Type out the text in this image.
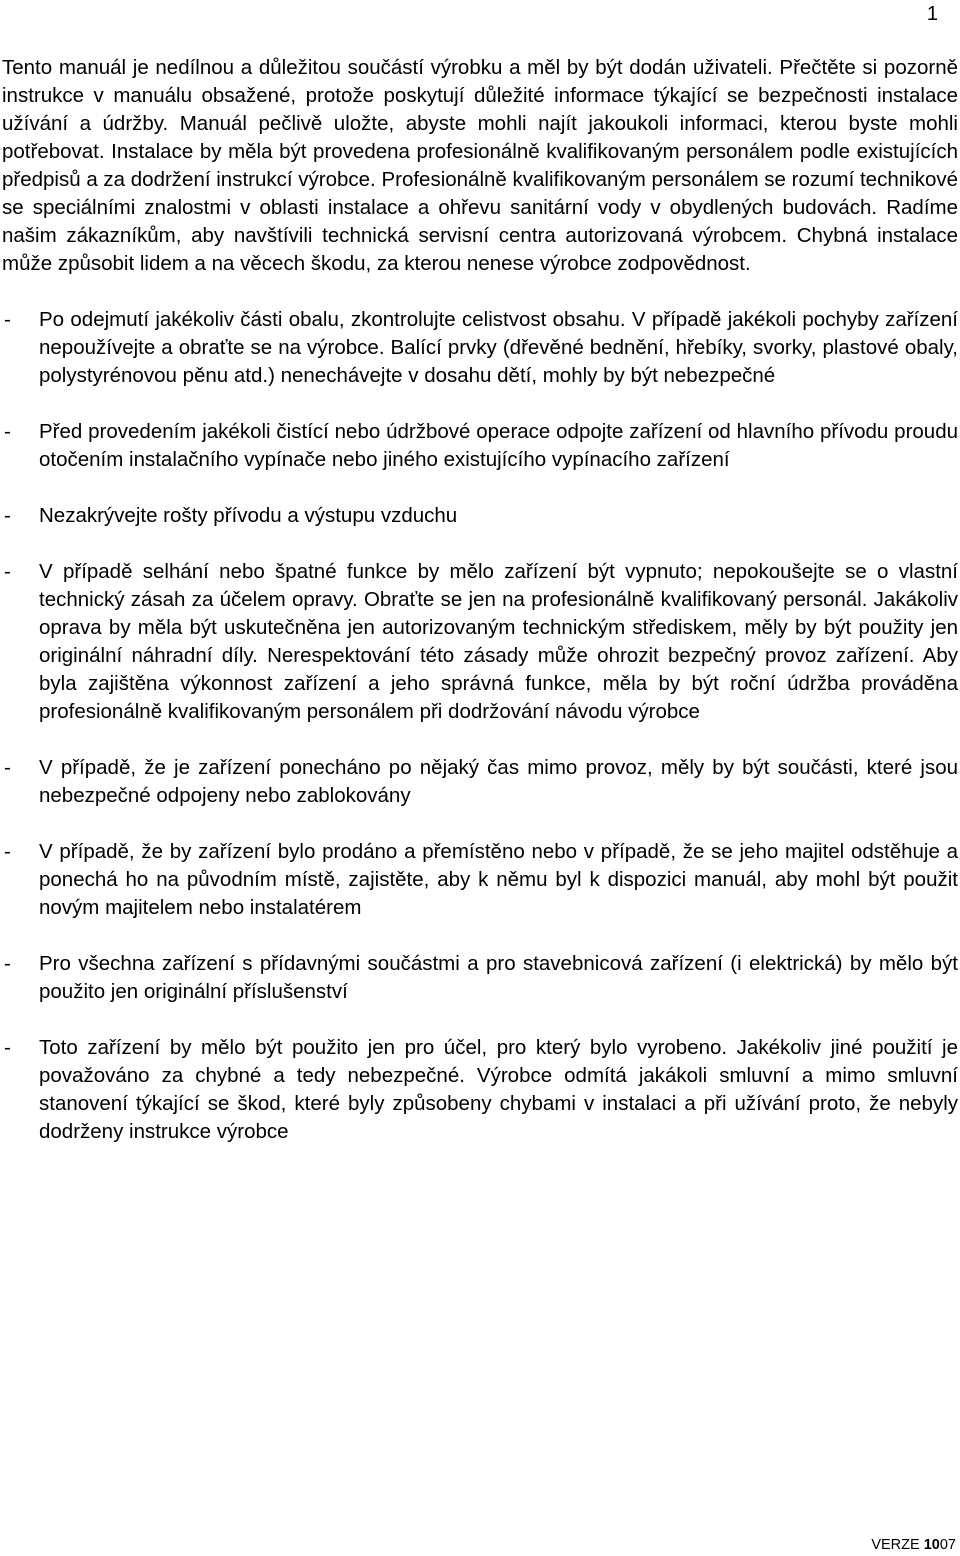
1

Tento manuál je nedílnou a důležitou součástí výrobku a měl by být dodán uživateli. Přečtěte si pozorně instrukce v manuálu obsažené, protože poskytují důležité informace týkající se bezpečnosti instalace užívání a údržby. Manuál pečlivě uložte, abyste mohli najít jakoukoli informaci, kterou byste mohli potřebovat. Instalace by měla být provedena profesionálně kvalifikovaným personálem podle existujících předpisů a za dodržení instrukcí výrobce. Profesionálně kvalifikovaným personálem se rozumí technikové se speciálními znalostmi v oblasti instalace a ohřevu sanitární vody v obydlených budovách. Radíme našim zákazníkům, aby navštívili technická servisní centra autorizovaná výrobcem. Chybná instalace může způsobit lidem a na věcech škodu, za kterou nenese výrobce zodpovědnost.

- Po odejmutí jakékoliv části obalu, zkontrolujte celistvost obsahu. V případě jakékoli pochyby zařízení nepoužívejte a obraťte se na výrobce. Balící prvky (dřevěné bednění, hřebíky, svorky, plastové obaly, polystyrénovou pěnu atd.) nenechávejte v dosahu dětí, mohly by být nebezpečné
- Před provedením jakékoli čistící nebo údržbové operace odpojte zařízení od hlavního přívodu proudu otočením instalačního vypínače nebo jiného existujícího vypínacího zařízení
- Nezakrývejte rošty přívodu a výstupu vzduchu
- V případě selhání nebo špatné funkce by mělo zařízení být vypnuto; nepokoušejte se o vlastní technický zásah za účelem opravy. Obraťte se jen na profesionálně kvalifikovaný personál. Jakákoliv oprava by měla být uskutečněna jen autorizovaným technickým střediskem, měly by být použity jen originální náhradní díly. Nerespektování této zásady může ohrozit bezpečný provoz zařízení. Aby byla zajištěna výkonnost zařízení a jeho správná funkce, měla by být roční údržba prováděna profesionálně kvalifikovaným personálem při dodržování návodu výrobce
- V případě, že je zařízení ponecháno po nějaký čas mimo provoz, měly by být součásti, které jsou nebezpečné odpojeny nebo zablokovány
- V případě, že by zařízení bylo prodáno a přemístěno nebo v případě, že se jeho majitel odstěhuje a ponechá ho na původním místě, zajistěte, aby k němu byl k dispozici manuál, aby mohl být použit novým majitelem nebo instalatérem
- Pro všechna zařízení s přídavnými součástmi a pro stavebnicová zařízení (i elektrická) by mělo být použito jen originální příslušenství
- Toto zařízení by mělo být použito jen pro účel, pro který bylo vyrobeno. Jakékoliv jiné použití je považováno za chybné a tedy nebezpečné. Výrobce odmítá jakákoli smluvní a mimo smluvní stanovení týkající se škod, které byly způsobeny chybami v instalaci a při užívání proto, že nebyly dodrženy instrukce výrobce
VERZE 1007
